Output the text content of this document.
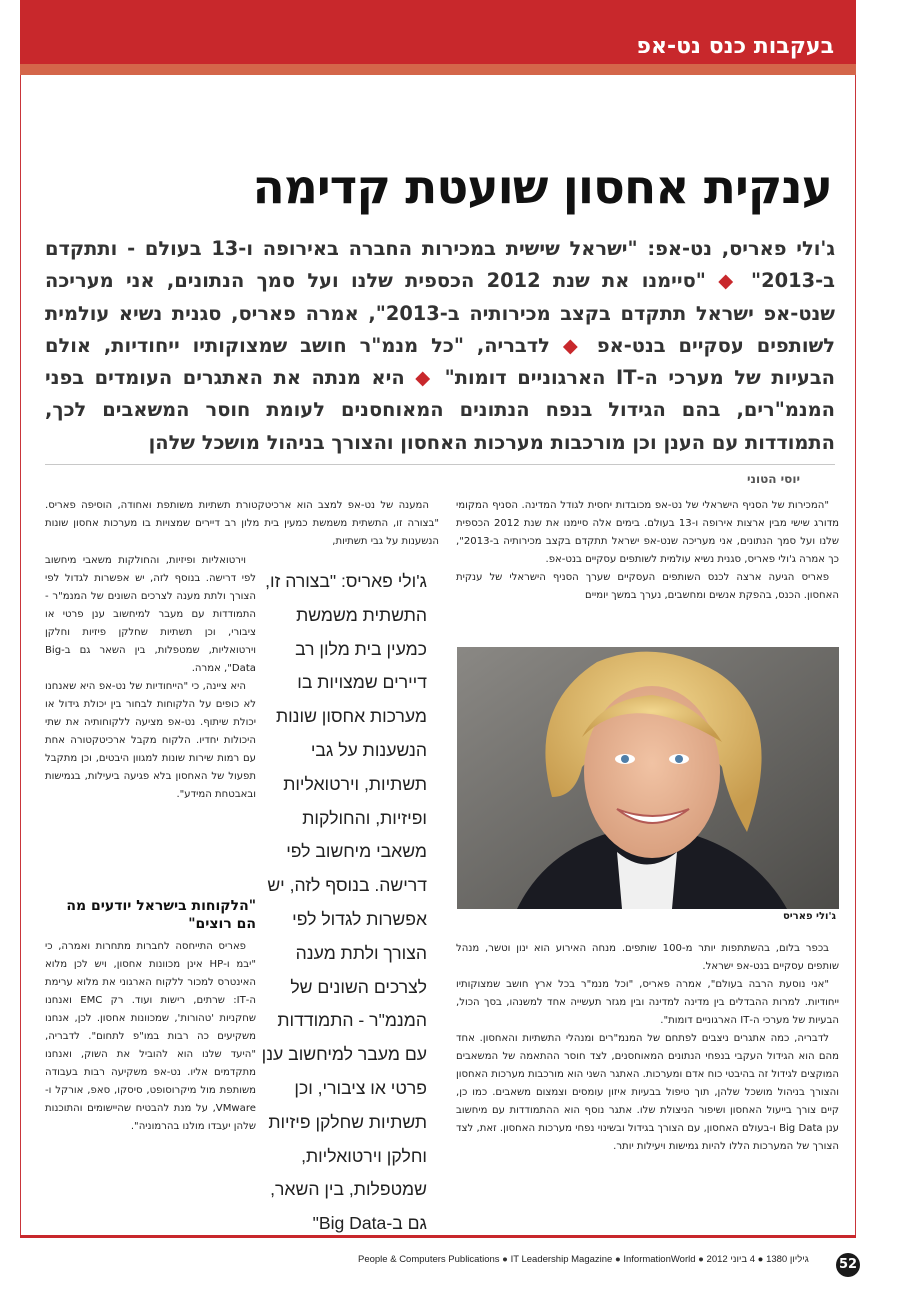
בעקבות כנס נט-אפ
ענקית אחסון שועטת קדימה
ג'ולי פאריס, נט-אפ: "ישראל שישית במכירות החברה באירופה ו-13 בעולם - ותתקדם ב-2013" ◆ "סיימנו את שנת 2012 הכספית שלנו ועל סמך הנתונים, אני מעריכה שנט-אפ ישראל תתקדם בקצב מכירותיה ב-2013", אמרה פאריס, סגנית נשיא עולמית לשותפים עסקיים בנט-אפ ◆ לדבריה, "כל מנמ"ר חושב שמצוקותיו ייחודיות, אולם הבעיות של מערכי ה-IT הארגוניים דומות" ◆ היא מנתה את האתגרים העומדים בפני המנמ"רים, בהם הגידול בנפח הנתונים המאוחסנים לעומת חוסר המשאבים לכך, התמודדות עם הענן וכן מורכבות מערכות האחסון והצורך בניהול מושכל שלהן
יוסי הטוני

"המכירות של הסניף הישראלי של נט-אפ מכובדות יחסית לגודל המדינה. הסניף המקומי מדורג שישי מבין ארצות אירופה ו-13 בעולם. בימים אלה סיימנו את שנת 2012 הכספית שלנו ועל סמך הנתונים, אני מעריכה שנט-אפ ישראל תתקדם בקצב מכירותיה ב-2013", כך אמרה ג'ולי פאריס, סגנית נשיא עולמית לשותפים עסקיים בנט-אפ.

פאריס הגיעה ארצה לכנס השותפים העסקיים שערך הסניף הישראלי של ענקית האחסון. הכנס, בהפקת אנשים ומחשבים, נערך במשך יומיים

ג'ולי פאריס

בכפר בלום, בהשתתפות יותר מ-100 שותפים. מנחה האירוע הוא ינון וטשר, מנהל שותפים עסקיים בנט-אפ ישראל.

"אני נוסעת הרבה בעולם", אמרה פאריס, "וכל מנמ"ר בכל ארץ חושב שמצוקותיו ייחודיות. למרות ההבדלים בין מדינה למדינה ובין מגזר תעשייה אחד למשנהו, בסך הכול, הבעיות של מערכי ה-IT הארגוניים דומות".

לדבריה, כמה אתגרים ניצבים לפתחם של המנמ"רים ומנהלי התשתיות והאחסון. אחד מהם הוא הגידול העקבי בנפחי הנתונים המאוחסנים, לצד חוסר ההתאמה של המשאבים המוקצים לגידול זה בהיבטי כוח אדם ומערכות. האתגר השני הוא מורכבות מערכות האחסון והצורך בניהול מושכל שלהן, תוך טיפול בבעיות איזון עומסים וצמצום משאבים. כמו כן, קיים צורך בייעול האחסון ושיפור הניצולת שלו. אתגר נוסף הוא ההתמודדות עם מיחשוב ענן Big Data ו-בעולם האחסון, עם הצורך בגידול ובשינוי נפחי מערכות האחסון. זאת, לצד הצורך של המערכות הללו להיות גמישות ויעילות יותר.

המענה של נט-אפ למצב הוא ארכיטקטורת תשתיות משותפת ואחודה, הוסיפה פאריס. "בצורה זו, התשתית משמשת כמעין בית מלון רב דיירים שמצויות בו מערכות אחסון שונות הנשענות על גבי תשתיות,

וירטואליות ופיזיות, והחולקות משאבי מיחשוב לפי דרישה. בנוסף לזה, יש אפשרות לגדול לפי הצורך ולתת מענה לצרכים השונים של המנמ"ר - התמודדות עם מעבר למיחשוב ענן פרטי או ציבורי, וכן תשתיות שחלקן פיזיות וחלקן וירטואליות, שמטפלות, בין השאר גם ב-Big Data", אמרה.

היא ציינה, כי "הייחודיות של נט-אפ היא שאנחנו לא כופים על הלקוחות לבחור בין יכולת גידול או יכולת שיתוף. נט-אפ מציעה ללקוחותיה את שתי היכולות יחדיו. הלקוח מקבל ארכיטקטורה אחת עם רמות שירות שונות למגוון היבטים, וכן מתקבל תפעול של האחסון בלא פגיעה ביעילות, בגמישות ובאבטחת המידע".

ג'ולי פאריס: "בצורה זו, התשתית משמשת כמעין בית מלון רב דיירים שמצויות בו מערכות אחסון שונות הנשענות על גבי תשתיות, וירטואליות ופיזיות, והחולקות משאבי מיחשוב לפי דרישה. בנוסף לזה, יש אפשרות לגדול לפי הצורך ולתת מענה לצרכים השונים של המנמ"ר - התמודדות עם מעבר למיחשוב ענן פרטי או ציבורי, וכן תשתיות שחלקן פיזיות וחלקן וירטואליות, שמטפלות, בין השאר, גם ב-Big Data"
"הלקוחות בישראל יודעים מה הם רוצים"

פאריס התייחסה לחברות מתחרות ואמרה, כי "יבמ ו-HP אינן מכוונות אחסון, ויש לכן מלוא האינטרס למכור ללקוח הארגוני את מלוא ערימת ה-IT: שרתים, רישות ועוד. רק EMC ואנחנו שחקניות 'טהורות', שמכוונות אחסון. לכן, אנחנו משקיעים כה רבות במו"פ לתחום". לדבריה, "היעד שלנו הוא להוביל את השוק, ואנחנו מתקדמים אליו. נט-אפ משקיעה רבות בעבודה משותפת מול מיקרוסופט, סיסקו, סאפ, אורקל ו-VMware, על מנת להבטיח שהיישומים והתוכנות שלהן יעבדו מולנו בהרמוניה".

People & Computers Publications ● IT Leadership Magazine ● InformationWorld ● גיליון 1380 ● 4 ביוני 2012	52
